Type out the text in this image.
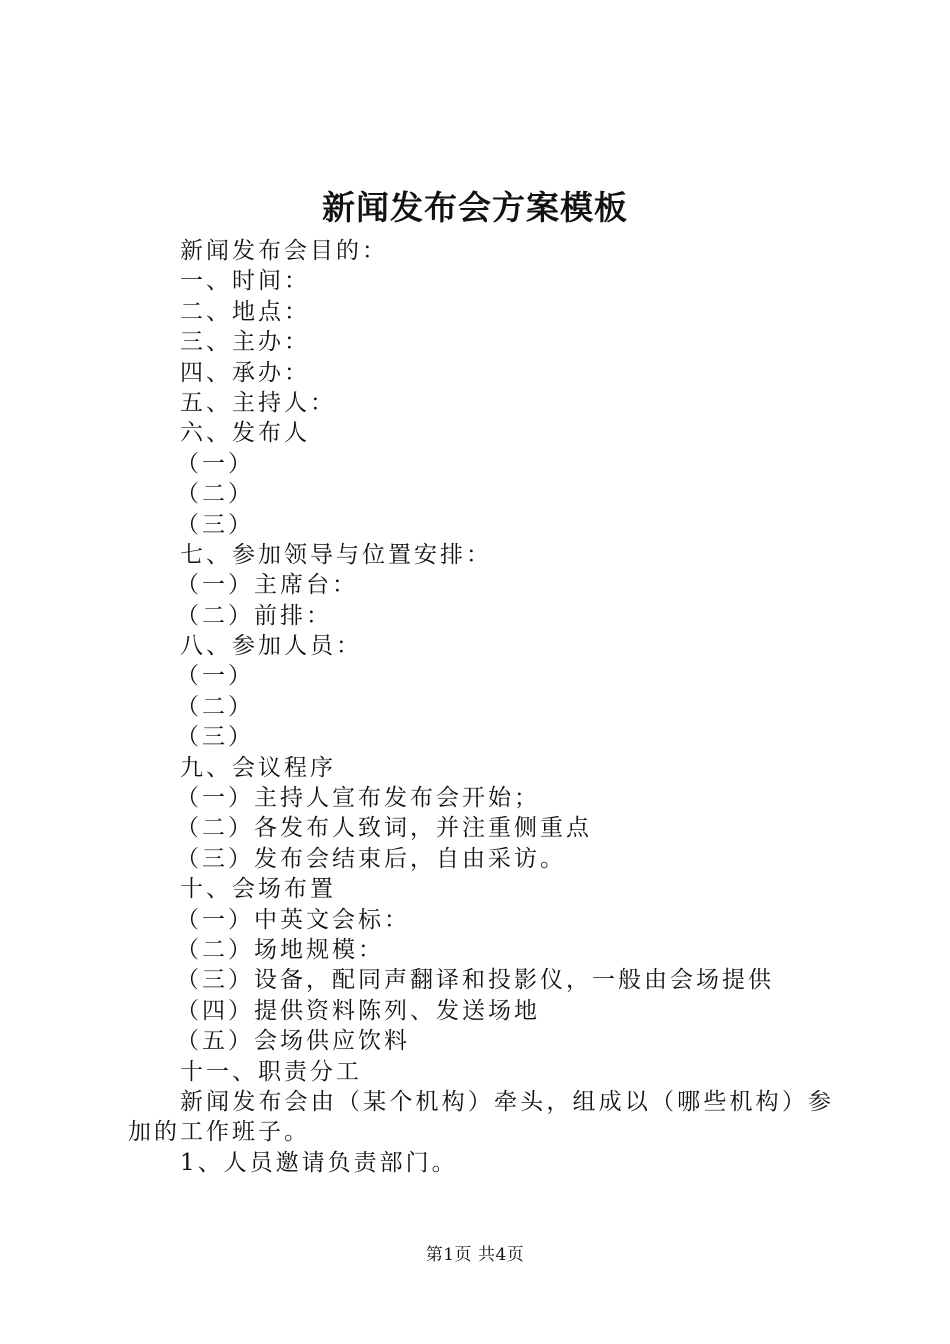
新闻发布会方案模板
新闻发布会目的：
一、时间：
二、地点：
三、主办：
四、承办：
五、主持人：
六、发布人
（一）
（二）
（三）
七、参加领导与位置安排：
（一）主席台：
（二）前排：
八、参加人员：
（一）
（二）
（三）
九、会议程序
（一）主持人宣布发布会开始；
（二）各发布人致词，并注重侧重点
（三）发布会结束后，自由采访。
十、会场布置
（一）中英文会标：
（二）场地规模：
（三）设备，配同声翻译和投影仪，一般由会场提供
（四）提供资料陈列、发送场地
（五）会场供应饮料
十一、职责分工
新闻发布会由（某个机构）牵头，组成以（哪些机构）参加的工作班子。
1、人员邀请负责部门。
第1页 共4页
